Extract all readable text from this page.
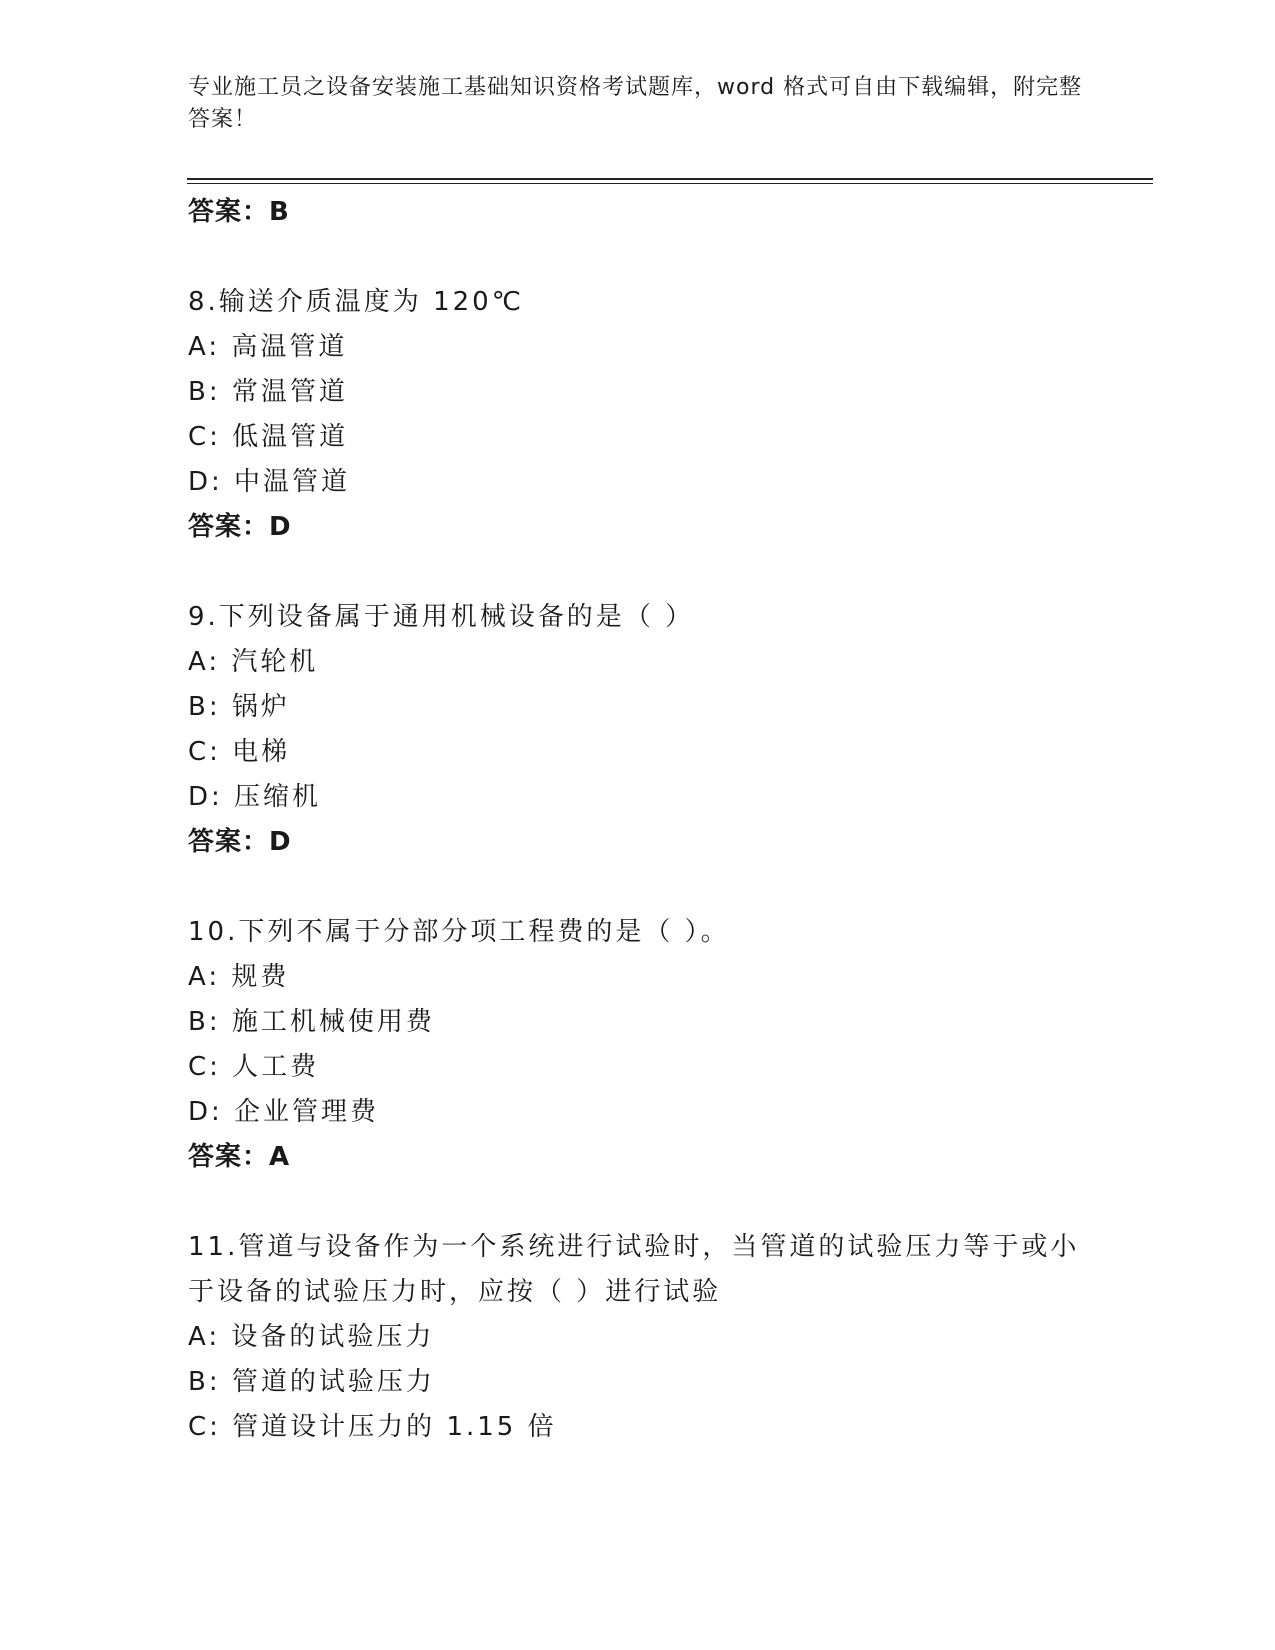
专业施工员之设备安装施工基础知识资格考试题库，word 格式可自由下载编辑，附完整答案！
答案：B
8.输送介质温度为 120℃
A: 高温管道
B: 常温管道
C: 低温管道
D: 中温管道
答案：D
9.下列设备属于通用机械设备的是（ ）
A: 汽轮机
B: 锅炉
C: 电梯
D: 压缩机
答案：D
10.下列不属于分部分项工程费的是（ ）。
A: 规费
B: 施工机械使用费
C: 人工费
D: 企业管理费
答案：A
11.管道与设备作为一个系统进行试验时，当管道的试验压力等于或小于设备的试验压力时，应按（ ）进行试验
A: 设备的试验压力
B: 管道的试验压力
C: 管道设计压力的 1.15 倍
